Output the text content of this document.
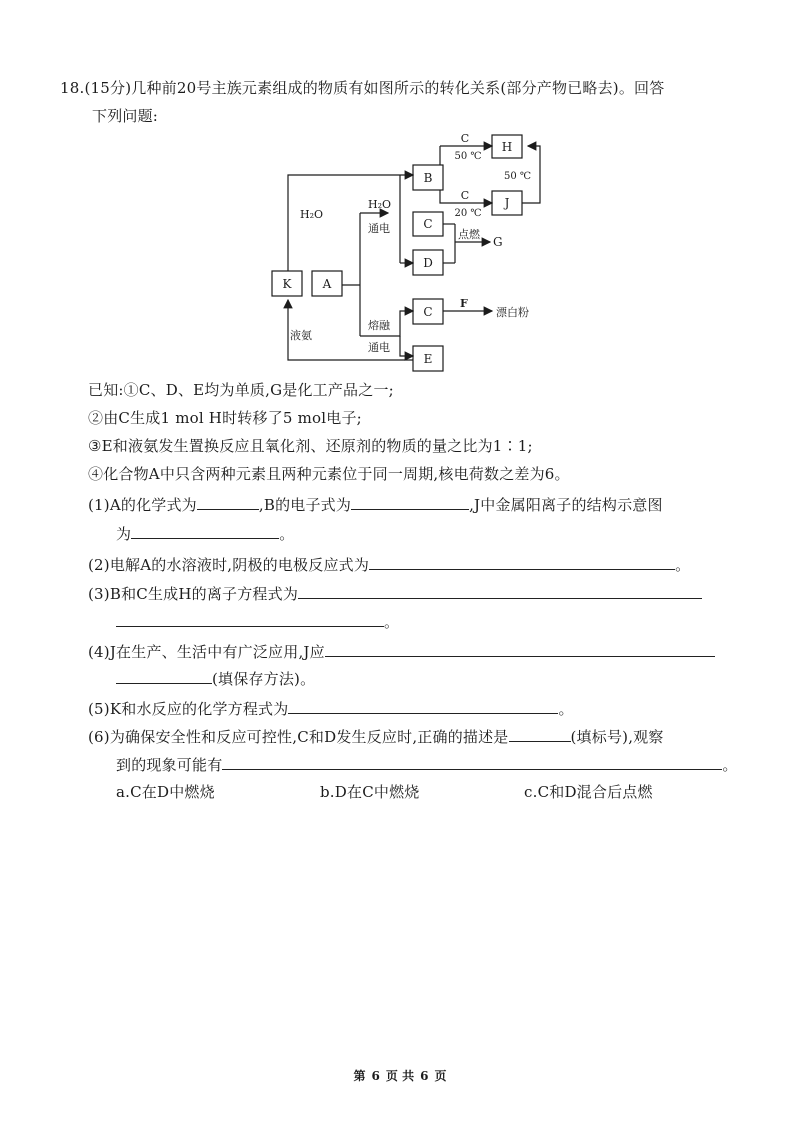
18.(15分)几种前20号主族元素组成的物质有如图所示的转化关系(部分产物已略去)。回答
下列问题:
B
C
D
C
E
H
J
K	A
H₂O
H₂O
通电
熔融
通电
液氨
C
50 ℃
C
20 ℃
50 ℃
点燃
G
F
漂白粉
已知:①C、D、E均为单质,G是化工产品之一;
②由C生成1 mol H时转移了5 mol电子;
③E和液氨发生置换反应且氧化剂、还原剂的物质的量之比为1∶1;
④化合物A中只含两种元素且两种元素位于同一周期,核电荷数之差为6。
(1)A的化学式为	,B的电子式为	,J中金属阳离子的结构示意图
为	。
(2)电解A的水溶液时,阴极的电极反应式为	。
(3)B和C生成H的离子方程式为
。
(4)J在生产、生活中有广泛应用,J应
(填保存方法)。
(5)K和水反应的化学方程式为	。
(6)为确保安全性和反应可控性,C和D发生反应时,正确的描述是	(填标号),观察
到的现象可能有	。
a.C在D中燃烧	b.D在C中燃烧	c.C和D混合后点燃
第 6 页 共 6 页
